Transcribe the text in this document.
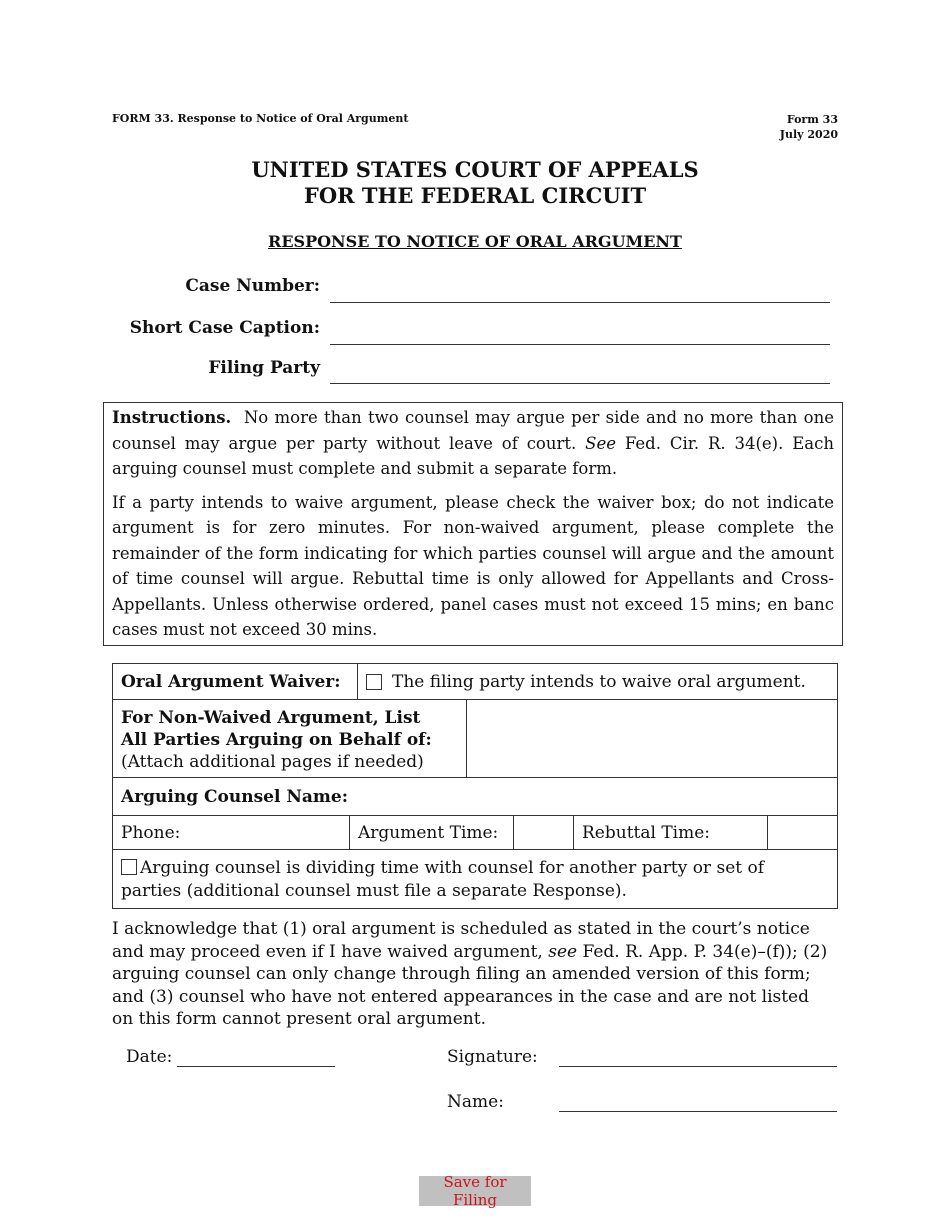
FORM 33. Response to Notice of Oral Argument	Form 33
July 2020
UNITED STATES COURT OF APPEALS
FOR THE FEDERAL CIRCUIT
RESPONSE TO NOTICE OF ORAL ARGUMENT
Case Number:
Short Case Caption:
Filing Party

Instructions. No more than two counsel may argue per side and no more than one counsel may argue per party without leave of court. See Fed. Cir. R. 34(e). Each arguing counsel must complete and submit a separate form.

If a party intends to waive argument, please check the waiver box; do not indicate argument is for zero minutes. For non-waived argument, please complete the remainder of the form indicating for which parties counsel will argue and the amount of time counsel will argue. Rebuttal time is only allowed for Appellants and Cross-Appellants. Unless otherwise ordered, panel cases must not exceed 15 mins; en banc cases must not exceed 30 mins.

Oral Argument Waiver:	The filing party intends to waive oral argument.
For Non-Waived Argument, List
All Parties Arguing on Behalf of:
(Attach additional pages if needed)
Arguing Counsel Name:
Phone:	Argument Time:	Rebuttal Time:
Arguing counsel is dividing time with counsel for another party or set of parties (additional counsel must file a separate Response).
I acknowledge that (1) oral argument is scheduled as stated in the court’s notice and may proceed even if I have waived argument, see Fed. R. App. P. 34(e)–(f)); (2) arguing counsel can only change through filing an amended version of this form; and (3) counsel who have not entered appearances in the case and are not listed on this form cannot present oral argument.
Date:	Signature:
Name:
Save for Filing
